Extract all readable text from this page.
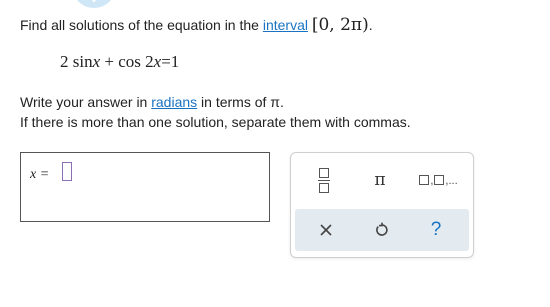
Find all solutions of the equation in the interval [0, 2π).
2 sinx + cos 2x=1
Write your answer in radians in terms of π.
If there is more than one solution, separate them with commas.
x =	π	, ,...
?
